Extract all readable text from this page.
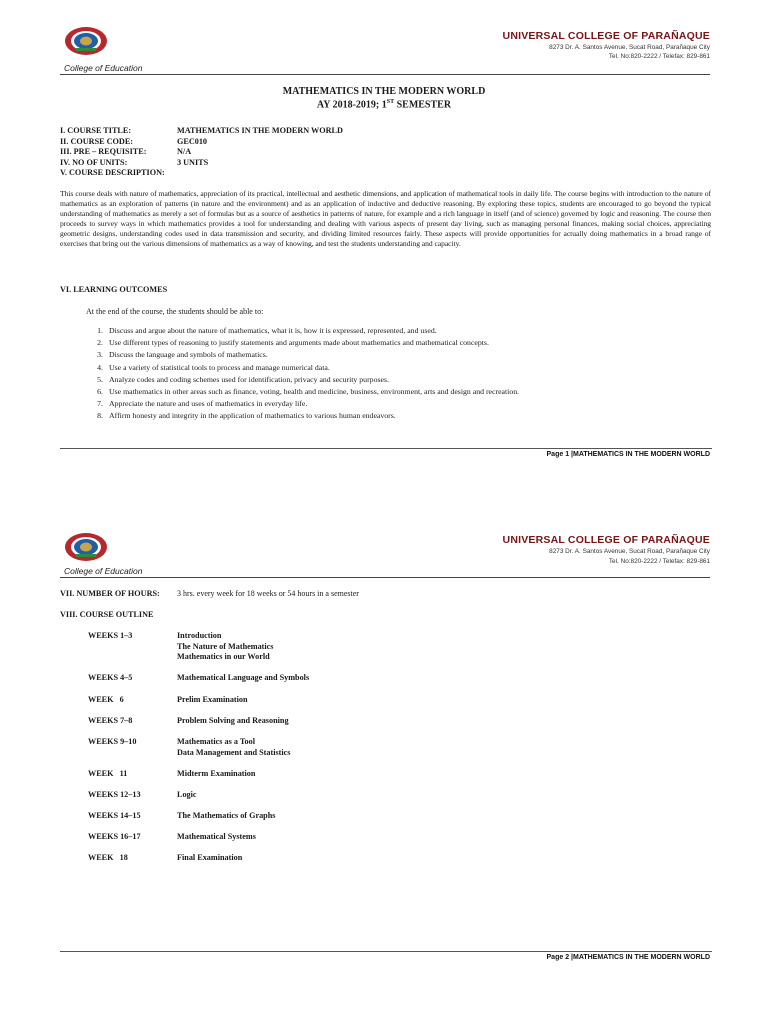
College of Education
UNIVERSAL COLLEGE OF PARAÑAQUE
8273 Dr. A. Santos Avenue, Sucat Road, Parañaque City
Tel. No:820-2222 / Telefax: 829-861
MATHEMATICS IN THE MODERN WORLD
AY 2018-2019; 1ST SEMESTER
I. COURSE TITLE:	MATHEMATICS IN THE MODERN WORLD
II. COURSE CODE:	GEC010
III. PRE – REQUISITE:	N/A
IV. NO OF UNITS:	3 UNITS
V. COURSE DESCRIPTION:	
This course deals with nature of mathematics, appreciation of its practical, intellectual and aesthetic dimensions, and application of mathematical tools in daily life. The course begins with introduction to the nature of mathematics as an exploration of patterns (in nature and the environment) and as an application of inductive and deductive reasoning. By exploring these topics, students are encouraged to go beyond the typical understanding of mathematics as merely a set of formulas but as a source of aesthetics in patterns of nature, for example and a rich language in itself (and of science) governed by logic and reasoning. The course then proceeds to survey ways in which mathematics provides a tool for understanding and dealing with various aspects of present day living, such as managing personal finances, making social choices, appreciating geometric designs, understanding codes used in data transmission and security, and dividing limited resources fairly. These aspects will provide opportunities for actually doing mathematics in a broad range of exercises that bring out the various dimensions of mathematics as a way of knowing, and test the students understanding and capacity.
VI. LEARNING OUTCOMES
At the end of the course, the students should be able to:
1. Discuss and argue about the nature of mathematics, what it is, how it is expressed, represented, and used.
2. Use different types of reasoning to justify statements and arguments made about mathematics and mathematical concepts.
3. Discuss the language and symbols of mathematics.
4. Use a variety of statistical tools to process and manage numerical data.
5. Analyze codes and coding schemes used for identification, privacy and security purposes.
6. Use mathematics in other areas such as finance, voting, health and medicine, business, environment, arts and design and recreation.
7. Appreciate the nature and uses of mathematics in everyday life.
8. Affirm honesty and integrity in the application of mathematics to various human endeavors.
Page 1 |MATHEMATICS IN THE MODERN WORLD
College of Education
UNIVERSAL COLLEGE OF PARAÑAQUE
8273 Dr. A. Santos Avenue, Sucat Road, Parañaque City
Tel. No:820-2222 / Telefax: 829-861
VII. NUMBER OF HOURS: 3 hrs. every week for 18 weeks or 54 hours in a semester
VIII. COURSE OUTLINE
WEEKS 1–3	Introduction
The Nature of Mathematics
Mathematics in our World
WEEKS 4–5	Mathematical Language and Symbols
WEEK   6	Prelim Examination
WEEKS 7–8	Problem Solving and Reasoning
WEEKS 9–10	Mathematics as a Tool
Data Management and Statistics
WEEK   11	Midterm Examination
WEEKS 12–13	Logic
WEEKS 14–15	The Mathematics of Graphs
WEEKS 16–17	Mathematical Systems
WEEK   18	Final Examination
Page 2 |MATHEMATICS IN THE MODERN WORLD
